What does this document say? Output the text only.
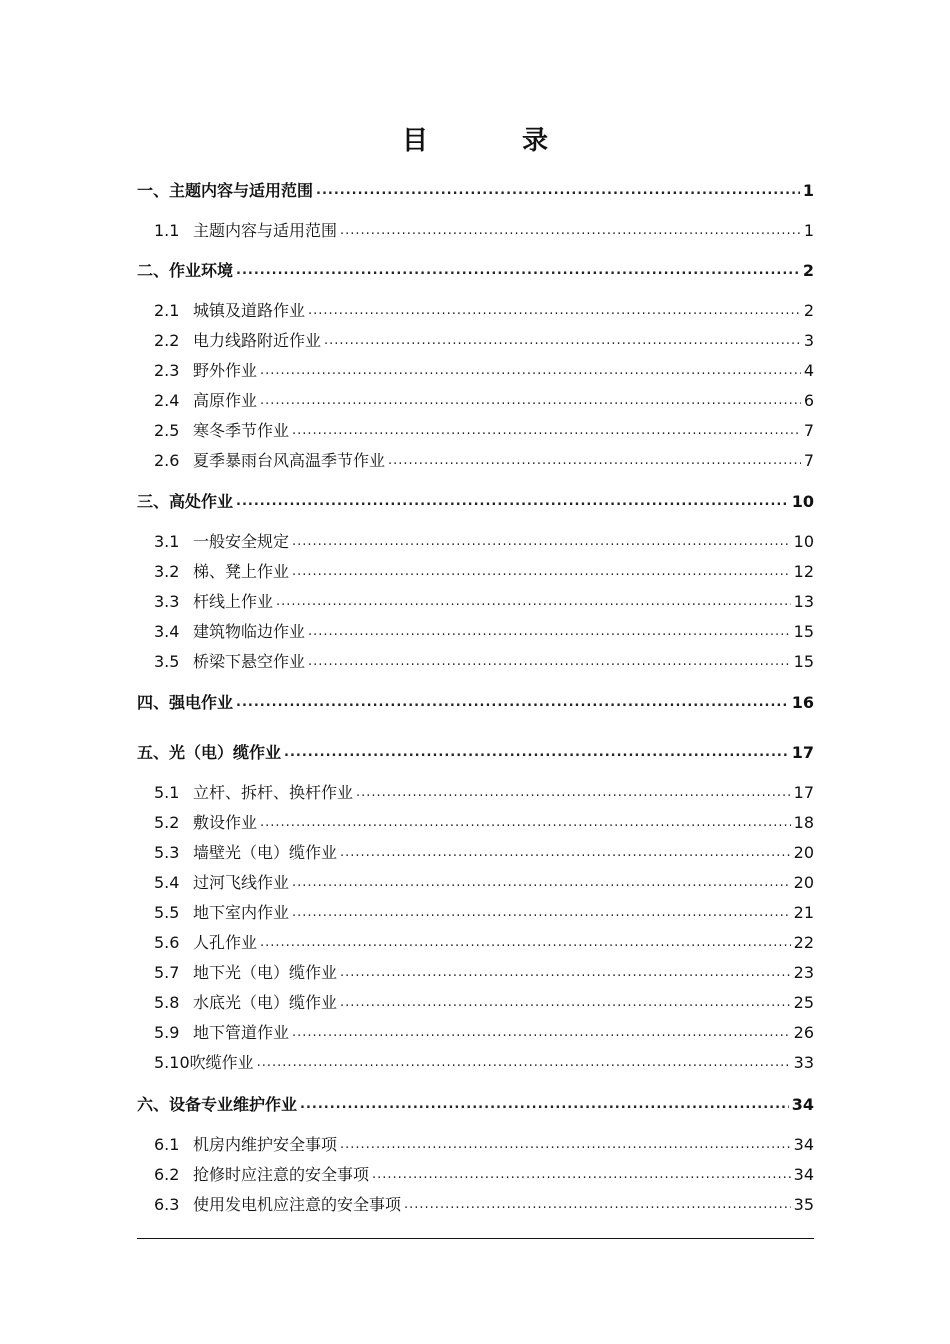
目　录
一、 主题内容与适用范围 .....	1
1.1 主题内容与适用范围 .....	1
二、 作业环境 .....	2
2.1 城镇及道路作业 .....	2
2.2 电力线路附近作业 .....	3
2.3 野外作业 .....	4
2.4 高原作业 .....	6
2.5 寒冬季节作业 .....	7
2.6 夏季暴雨台风高温季节作业 .....	7
三、 高处作业 .....	10
3.1 一般安全规定 .....	10
3.2 梯、凳上作业 .....	12
3.3 杆线上作业 .....	13
3.4 建筑物临边作业 .....	15
3.5 桥梁下悬空作业 .....	15
四、 强电作业 .....	16
五、 光（电）缆作业 .....	17
5.1 立杆、拆杆、换杆作业 .....	17
5.2 敷设作业 .....	18
5.3 墙壁光（电）缆作业 .....	20
5.4 过河飞线作业 .....	20
5.5 地下室内作业 .....	21
5.6 人孔作业 .....	22
5.7 地下光（电）缆作业 .....	23
5.8 水底光（电）缆作业 .....	25
5.9 地下管道作业 .....	26
5.10 吹缆作业 .....	33
六、 设备专业维护作业 .....	34
6.1 机房内维护安全事项 .....	34
6.2 抢修时应注意的安全事项 .....	34
6.3 使用发电机应注意的安全事项 .....	35
